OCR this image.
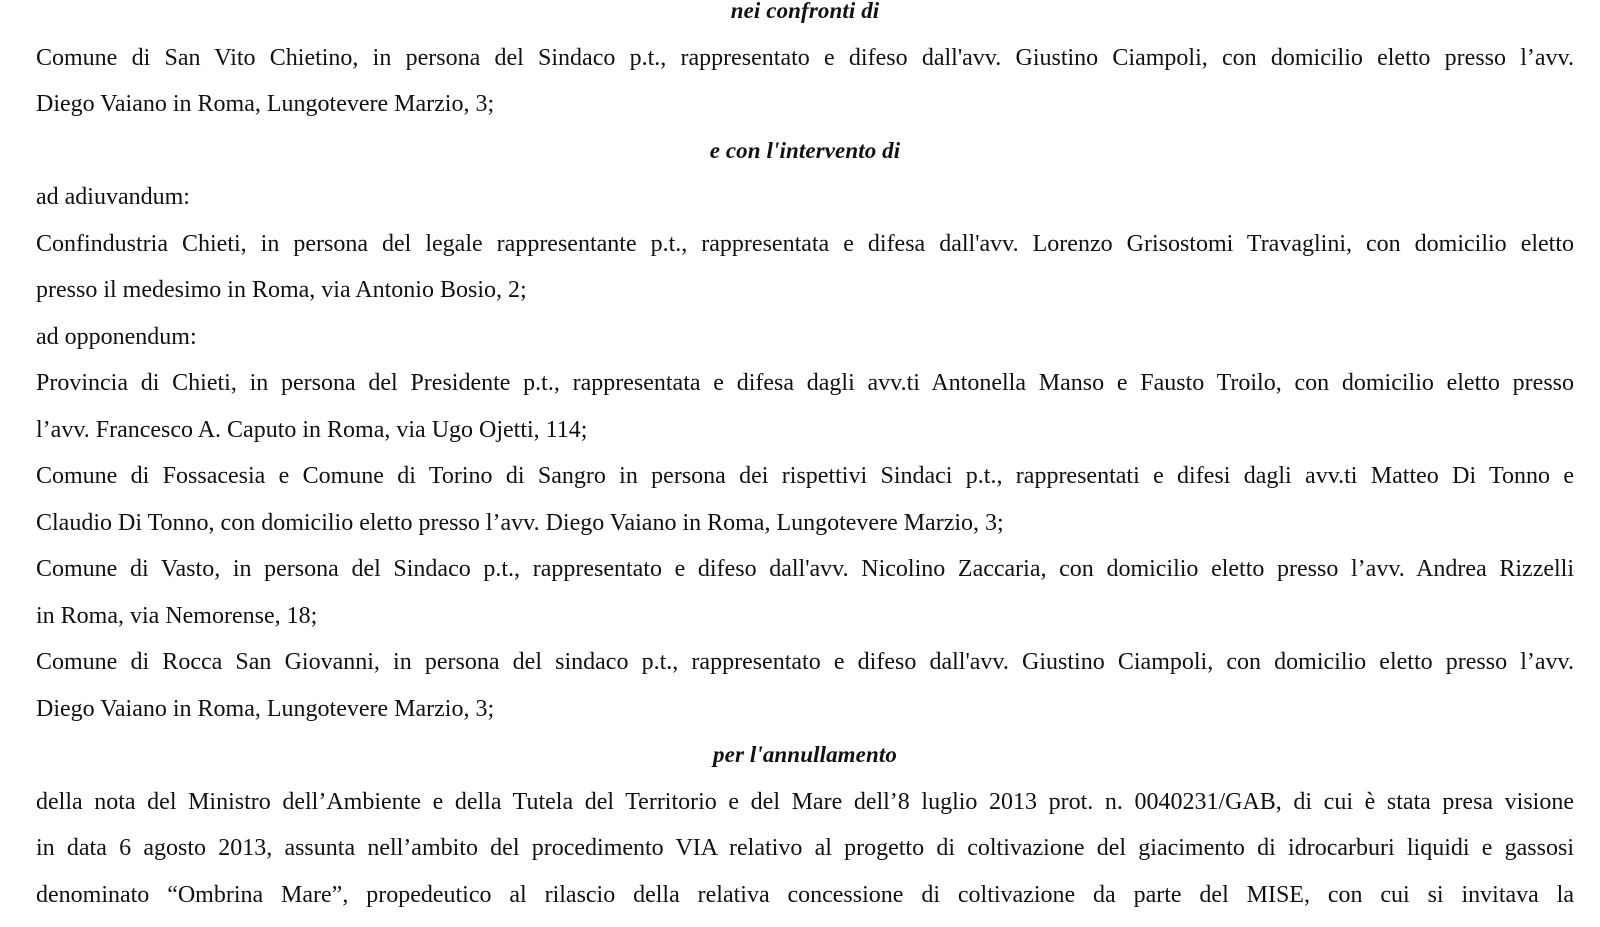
nei confronti di
Comune di San Vito Chietino, in persona del Sindaco p.t., rappresentato e difeso dall'avv. Giustino Ciampoli, con domicilio eletto presso l’avv.
Diego Vaiano in Roma, Lungotevere Marzio, 3;
e con l'intervento di
ad adiuvandum:
Confindustria Chieti, in persona del legale rappresentante p.t., rappresentata e difesa dall'avv. Lorenzo Grisostomi Travaglini, con domicilio eletto
presso il medesimo in Roma, via Antonio Bosio, 2;
ad opponendum:
Provincia di Chieti, in persona del Presidente p.t., rappresentata e difesa dagli avv.ti Antonella Manso e Fausto Troilo, con domicilio eletto presso
l’avv. Francesco A. Caputo in Roma, via Ugo Ojetti, 114;
Comune di Fossacesia e Comune di Torino di Sangro in persona dei rispettivi Sindaci p.t., rappresentati e difesi dagli avv.ti Matteo Di Tonno e
Claudio Di Tonno, con domicilio eletto presso l’avv. Diego Vaiano in Roma, Lungotevere Marzio, 3;
Comune di Vasto, in persona del Sindaco p.t., rappresentato e difeso dall'avv. Nicolino Zaccaria, con domicilio eletto presso l’avv. Andrea Rizzelli
in Roma, via Nemorense, 18;
Comune di Rocca San Giovanni, in persona del sindaco p.t., rappresentato e difeso dall'avv. Giustino Ciampoli, con domicilio eletto presso l’avv.
Diego Vaiano in Roma, Lungotevere Marzio, 3;
per l'annullamento
della nota del Ministro dell’Ambiente e della Tutela del Territorio e del Mare dell’8 luglio 2013 prot. n. 0040231/GAB, di cui è stata presa visione
in data 6 agosto 2013, assunta nell’ambito del procedimento VIA relativo al progetto di coltivazione del giacimento di idrocarburi liquidi e gassosi
denominato “Ombrina Mare”, propedeutico al rilascio della relativa concessione di coltivazione da parte del MISE, con cui si invitava la
